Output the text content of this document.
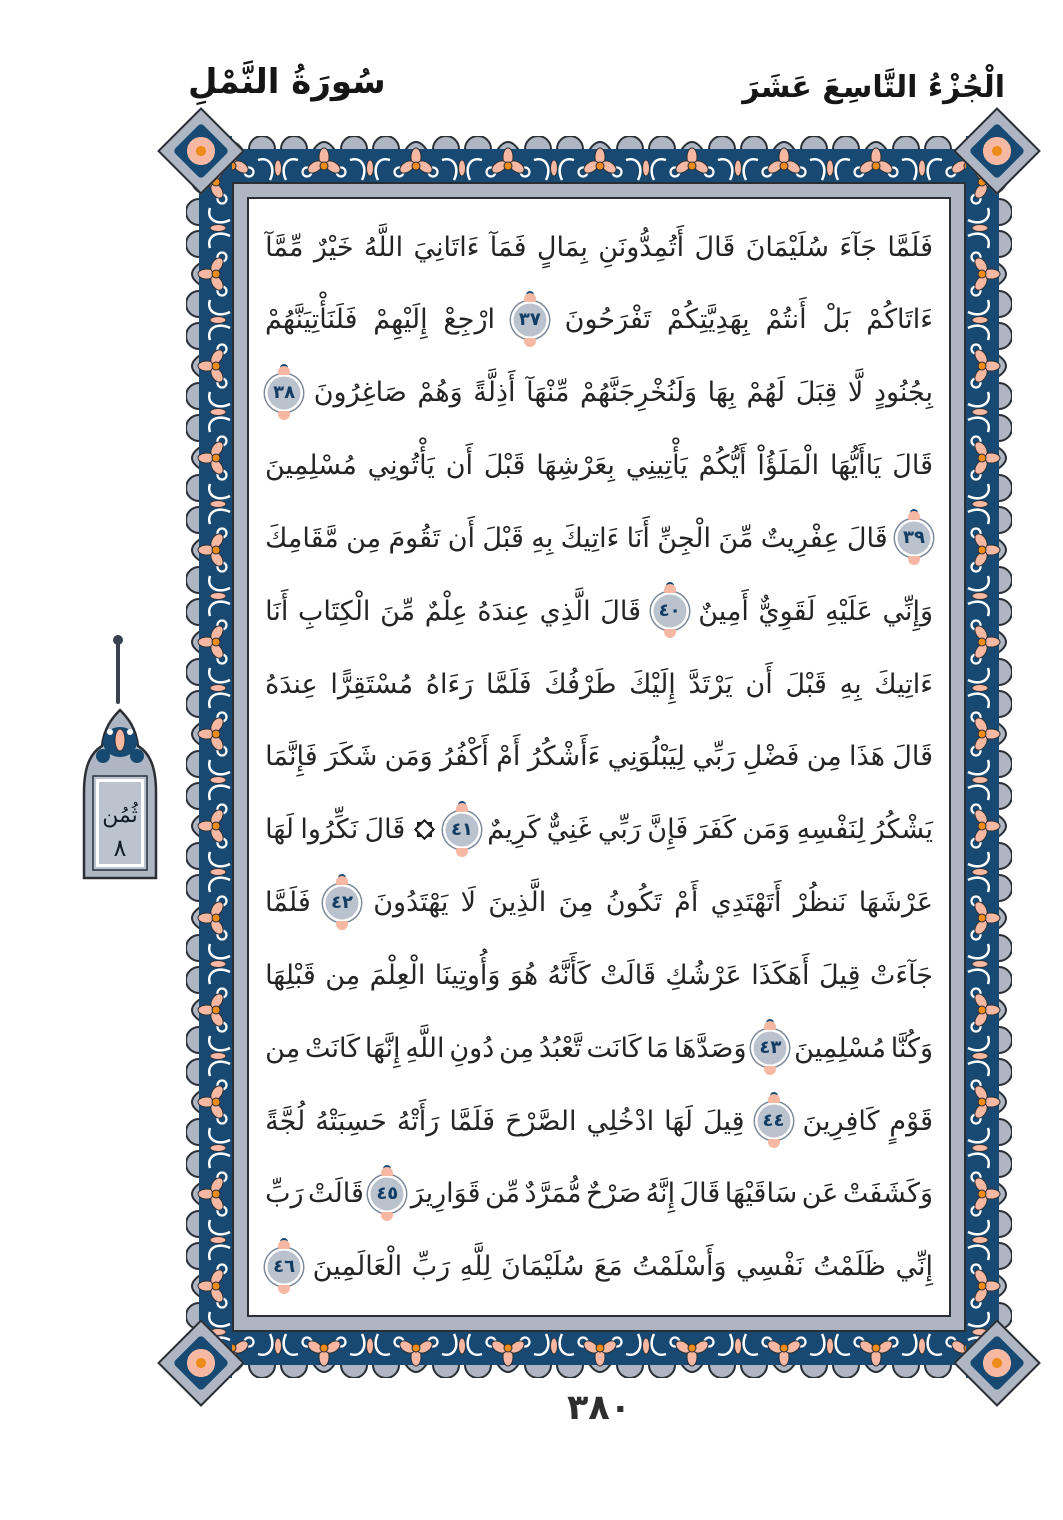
سُورَةُ النَّمْلِ	الْجُزْءُ التَّاسِعَ عَشَرَ
فَلَمَّا
جَآءَ
سُلَيْمَانَ
قَالَ
أَتُمِدُّونَنِ
بِمَالٍ
فَمَآ
ءَاتَانِيَ
اللَّهُ
خَيْرٌ
مِّمَّآ
ءَاتَاكُمْ
بَلْ
أَنتُمْ
بِهَدِيَّتِكُمْ
تَفْرَحُونَ
٣٧
ارْجِعْ
إِلَيْهِمْ
فَلَنَأْتِيَنَّهُمْ
بِجُنُودٍ
لَّا
قِبَلَ
لَهُمْ
بِهَا
وَلَنُخْرِجَنَّهُمْ
مِّنْهَآ
أَذِلَّةً
وَهُمْ
صَاغِرُونَ
٣٨
قَالَ
يَاأَيُّهَا
الْمَلَؤُاْ
أَيُّكُمْ
يَأْتِينِي
بِعَرْشِهَا
قَبْلَ
أَن
يَأْتُونِي
مُسْلِمِينَ
٣٩
قَالَ
عِفْرِيتٌ
مِّنَ
الْجِنِّ
أَنَا
ءَاتِيكَ
بِهِ
قَبْلَ
أَن
تَقُومَ
مِن
مَّقَامِكَ
وَإِنِّي
عَلَيْهِ
لَقَوِيٌّ
أَمِينٌ
٤٠
قَالَ
الَّذِي
عِندَهُ
عِلْمٌ
مِّنَ
الْكِتَابِ
أَنَا
ءَاتِيكَ
بِهِ
قَبْلَ
أَن
يَرْتَدَّ
إِلَيْكَ
طَرْفُكَ
فَلَمَّا
رَءَاهُ
مُسْتَقِرًّا
عِندَهُ
قَالَ
هَذَا
مِن
فَضْلِ
رَبِّي
لِيَبْلُوَنِي
ءَأَشْكُرُ
أَمْ
أَكْفُرُ
وَمَن
شَكَرَ
فَإِنَّمَا
يَشْكُرُ
لِنَفْسِهِ
وَمَن
كَفَرَ
فَإِنَّ
رَبِّي
غَنِيٌّ
كَرِيمٌ
٤١
قَالَ
نَكِّرُوا
لَهَا
عَرْشَهَا
نَنظُرْ
أَتَهْتَدِي
أَمْ
تَكُونُ
مِنَ
الَّذِينَ
لَا
يَهْتَدُونَ
٤٢
فَلَمَّا
جَآءَتْ
قِيلَ
أَهَكَذَا
عَرْشُكِ
قَالَتْ
كَأَنَّهُ
هُوَ
وَأُوتِينَا
الْعِلْمَ
مِن
قَبْلِهَا
وَكُنَّا
مُسْلِمِينَ
٤٣
وَصَدَّهَا
مَا
كَانَت
تَّعْبُدُ
مِن
دُونِ
اللَّهِ
إِنَّهَا
كَانَتْ
مِن
قَوْمٍ
كَافِرِينَ
٤٤
قِيلَ
لَهَا
ادْخُلِي
الصَّرْحَ
فَلَمَّا
رَأَتْهُ
حَسِبَتْهُ
لُجَّةً
وَكَشَفَتْ
عَن
سَاقَيْهَا
قَالَ
إِنَّهُ
صَرْحٌ
مُّمَرَّدٌ
مِّن
قَوَارِيرَ
٤٥
قَالَتْ
رَبِّ
إِنِّي
ظَلَمْتُ
نَفْسِي
وَأَسْلَمْتُ
مَعَ
سُلَيْمَانَ
لِلَّهِ
رَبِّ
الْعَالَمِينَ
٤٦
ثُمُن
٨
٣٨٠
